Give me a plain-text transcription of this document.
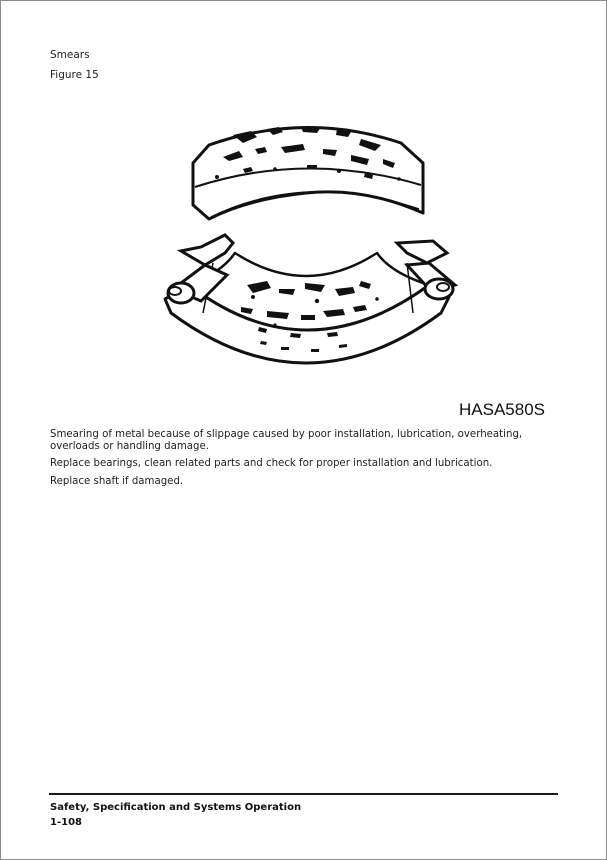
Smears
Figure 15
HASA580S
Smearing of metal because of slippage caused by poor installation, lubrication, overheating, overloads or handling damage.
Replace bearings, clean related parts and check for proper installation and lubrication.
Replace shaft if damaged.
Safety, Specification and Systems Operation
1-108
